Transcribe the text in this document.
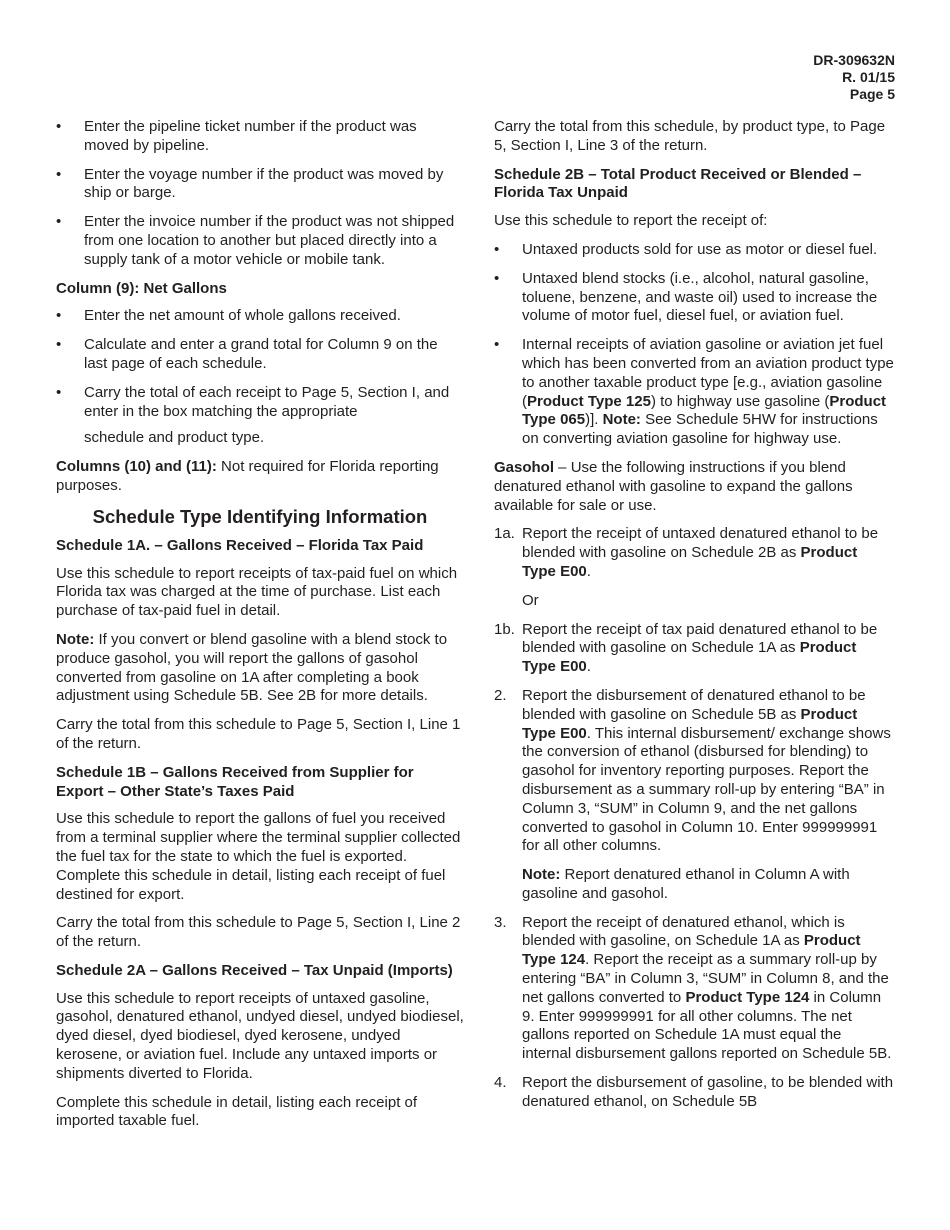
DR-309632N
R. 01/15
Page 5
• Enter the pipeline ticket number if the product was moved by pipeline.
• Enter the voyage number if the product was moved by ship or barge.
• Enter the invoice number if the product was not shipped from one location to another but placed directly into a supply tank of a motor vehicle or mobile tank.

Column (9): Net Gallons

• Enter the net amount of whole gallons received.
• Calculate and enter a grand total for Column 9 on the last page of each schedule.
• Carry the total of each receipt to Page 5, Section I, and enter in the box matching the appropriate

schedule and product type.

Columns (10) and (11): Not required for Florida reporting purposes.

Schedule Type Identifying Information

Schedule 1A. – Gallons Received – Florida Tax Paid

Use this schedule to report receipts of tax-paid fuel on which Florida tax was charged at the time of purchase. List each purchase of tax-paid fuel in detail.

Note: If you convert or blend gasoline with a blend stock to produce gasohol, you will report the gallons of gasohol converted from gasoline on 1A after completing a book adjustment using Schedule 5B. See 2B for more details.

Carry the total from this schedule to Page 5, Section I, Line 1 of the return.

Schedule 1B – Gallons Received from Supplier for Export – Other State’s Taxes Paid

Use this schedule to report the gallons of fuel you received from a terminal supplier where the terminal supplier collected the fuel tax for the state to which the fuel is exported. Complete this schedule in detail, listing each receipt of fuel destined for export.

Carry the total from this schedule to Page 5, Section I, Line 2 of the return.

Schedule 2A – Gallons Received – Tax Unpaid (Imports)

Use this schedule to report receipts of untaxed gasoline, gasohol, denatured ethanol, undyed diesel, undyed biodiesel, dyed diesel, dyed biodiesel, dyed kerosene, undyed kerosene, or aviation fuel. Include any untaxed imports or shipments diverted to Florida.

Complete this schedule in detail, listing each receipt of imported taxable fuel.

Carry the total from this schedule, by product type, to Page 5, Section I, Line 3 of the return.

Schedule 2B – Total Product Received or Blended – Florida Tax Unpaid

Use this schedule to report the receipt of:

• Untaxed products sold for use as motor or diesel fuel.
• Untaxed blend stocks (i.e., alcohol, natural gasoline, toluene, benzene, and waste oil) used to increase the volume of motor fuel, diesel fuel, or aviation fuel.
• Internal receipts of aviation gasoline or aviation jet fuel which has been converted from an aviation product type to another taxable product type [e.g., aviation gasoline (Product Type 125) to highway use gasoline (Product Type 065)]. Note: See Schedule 5HW for instructions on converting aviation gasoline for highway use.

Gasohol – Use the following instructions if you blend denatured ethanol with gasoline to expand the gallons available for sale or use.

1a. Report the receipt of untaxed denatured ethanol to be blended with gasoline on Schedule 2B as Product Type E00.

Or

1b. Report the receipt of tax paid denatured ethanol to be blended with gasoline on Schedule 1A as Product Type E00.
2. Report the disbursement of denatured ethanol to be blended with gasoline on Schedule 5B as Product Type E00. This internal disbursement/ exchange shows the conversion of ethanol (disbursed for blending) to gasohol for inventory reporting purposes. Report the disbursement as a summary roll-up by entering “BA” in Column 3, “SUM” in Column 9, and the net gallons converted to gasohol in Column 10. Enter 999999991 for all other columns.

Note: Report denatured ethanol in Column A with gasoline and gasohol.

3. Report the receipt of denatured ethanol, which is blended with gasoline, on Schedule 1A as Product Type 124. Report the receipt as a summary roll-up by entering “BA” in Column 3, “SUM” in Column 8, and the net gallons converted to Product Type 124 in Column 9. Enter 999999991 for all other columns. The net gallons reported on Schedule 1A must equal the internal disbursement gallons reported on Schedule 5B.
4. Report the disbursement of gasoline, to be blended with denatured ethanol, on Schedule 5B
